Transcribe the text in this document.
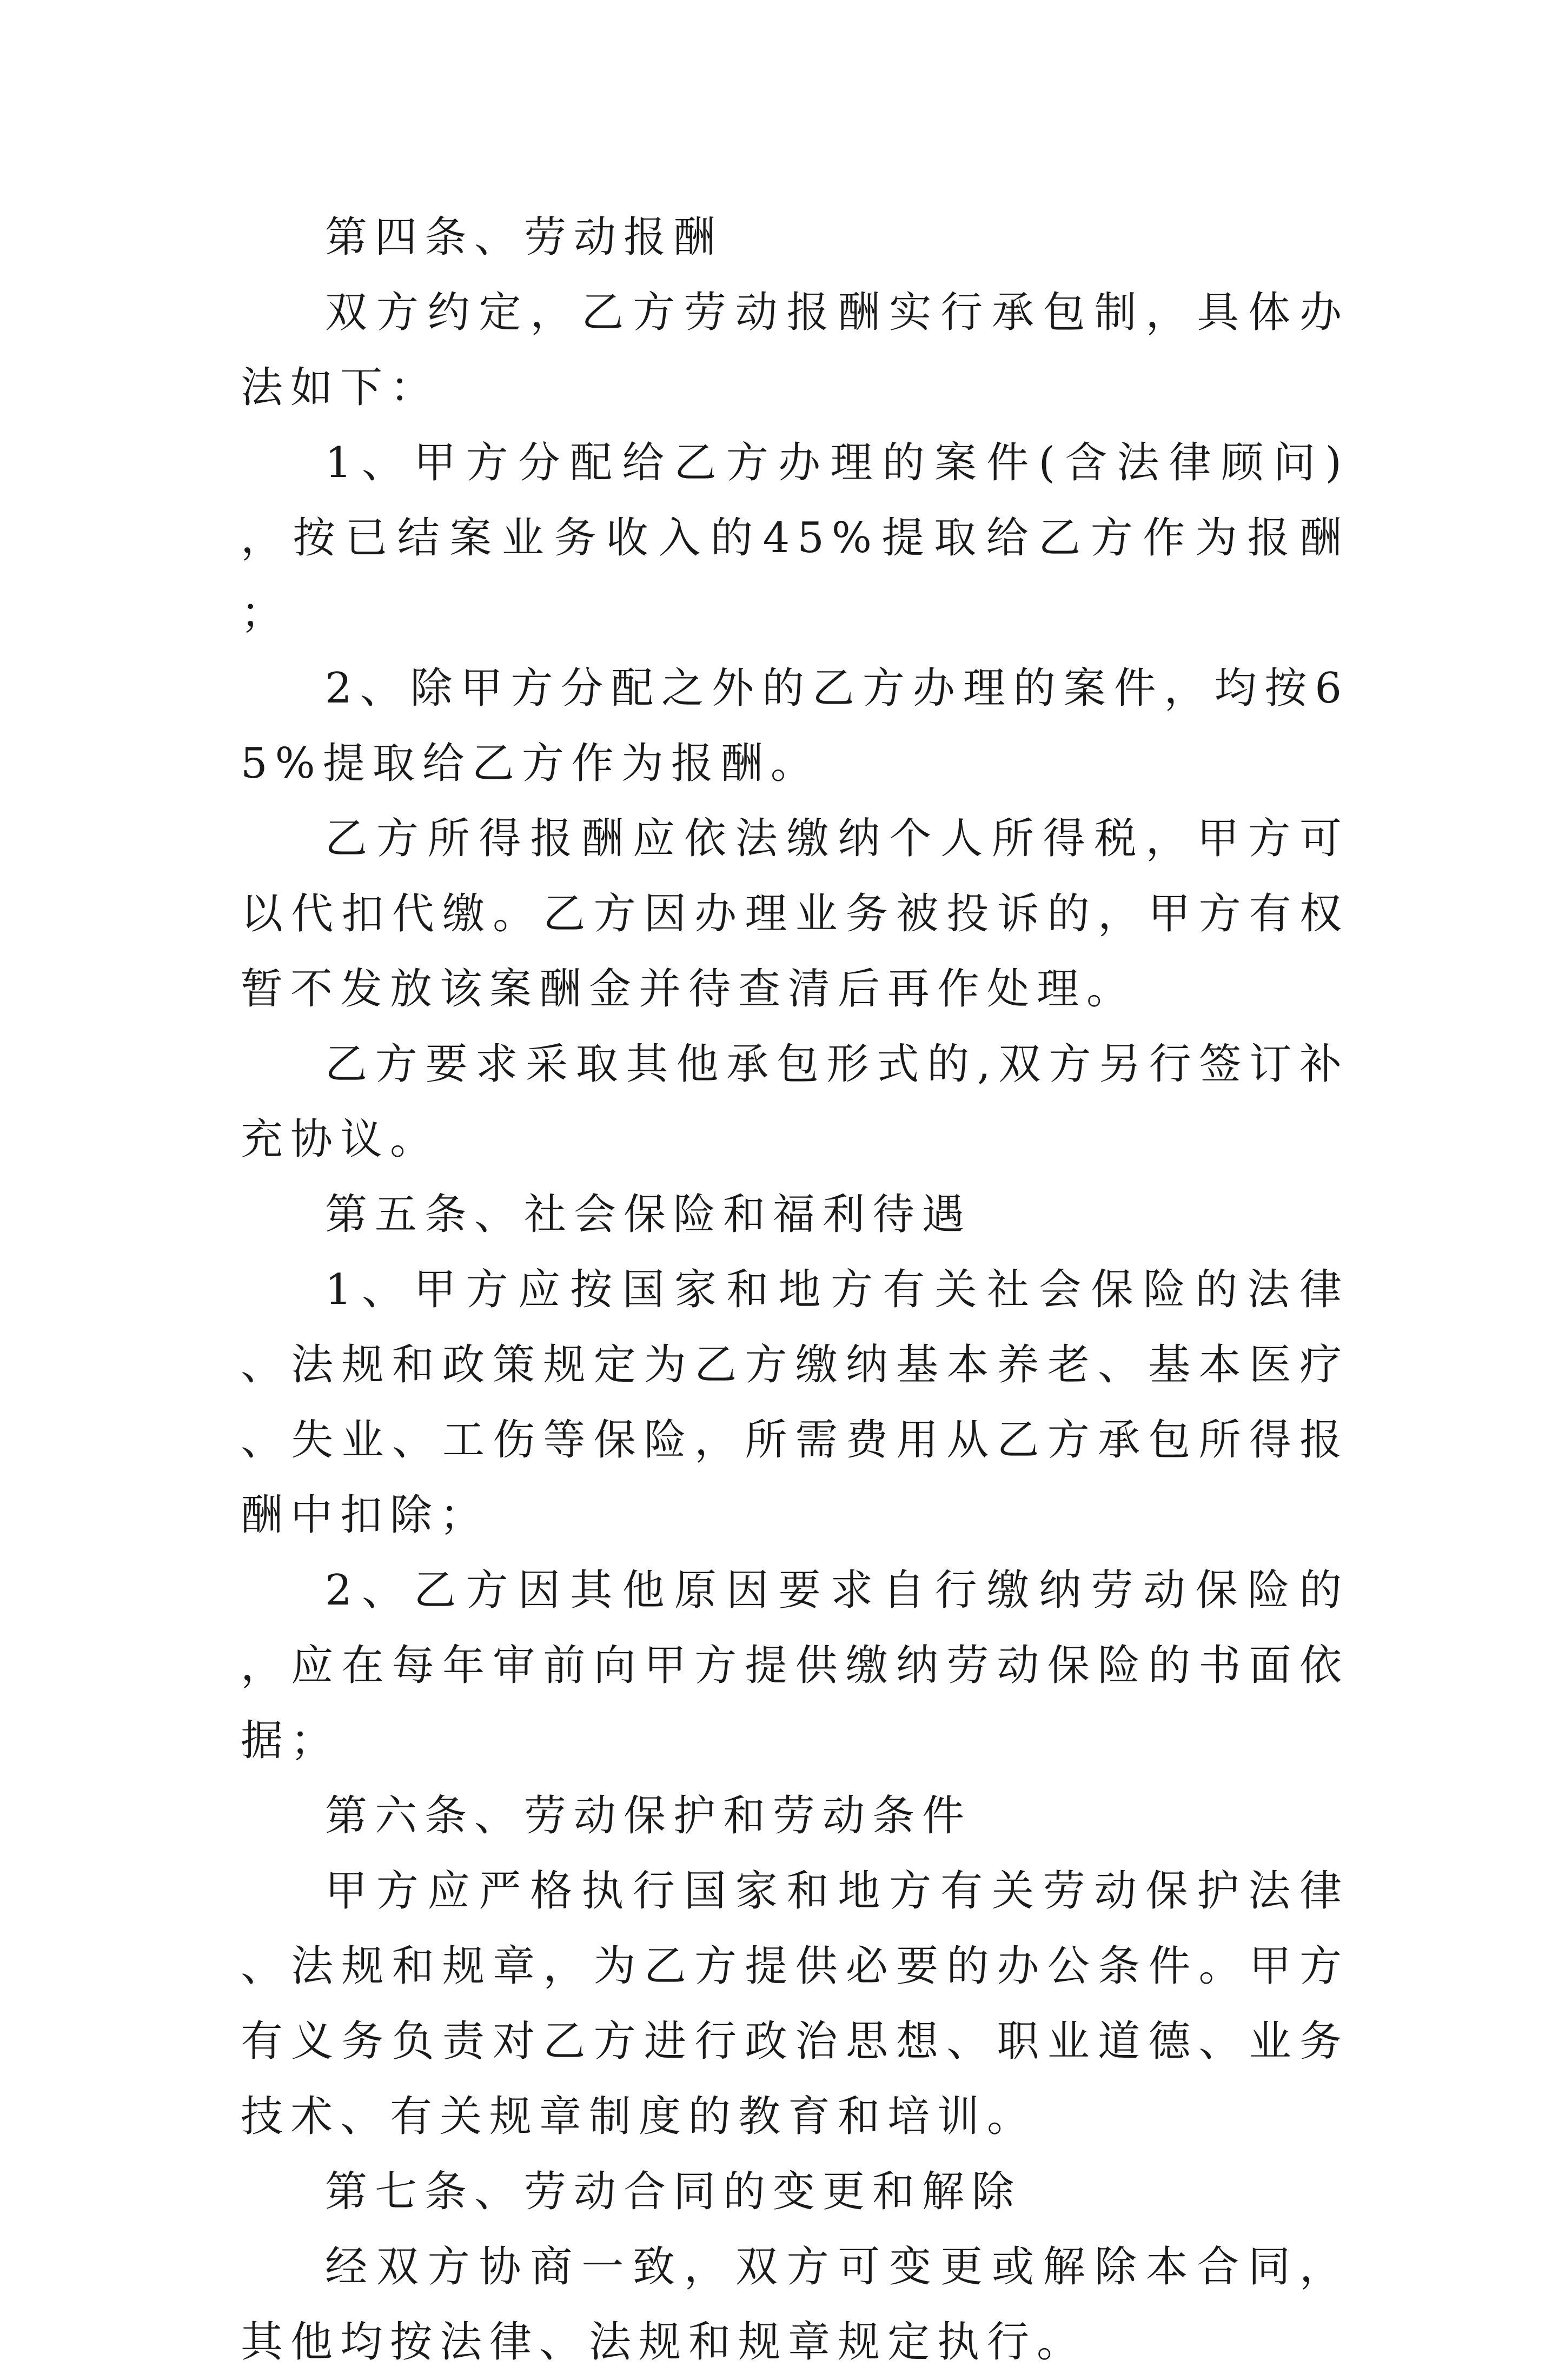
第四条、劳动报酬

双方约定，乙方劳动报酬实行承包制，具体办法如下：

1、甲方分配给乙方办理的案件(含法律顾问)，按已结案业务收入的45%提取给乙方作为报酬；

2、除甲方分配之外的乙方办理的案件，均按65%提取给乙方作为报酬。

乙方所得报酬应依法缴纳个人所得税，甲方可以代扣代缴。乙方因办理业务被投诉的，甲方有权暂不发放该案酬金并待查清后再作处理。

乙方要求采取其他承包形式的,双方另行签订补充协议。

第五条、社会保险和福利待遇

1、甲方应按国家和地方有关社会保险的法律、法规和政策规定为乙方缴纳基本养老、基本医疗、失业、工伤等保险，所需费用从乙方承包所得报酬中扣除；

2、乙方因其他原因要求自行缴纳劳动保险的，应在每年审前向甲方提供缴纳劳动保险的书面依据；

第六条、劳动保护和劳动条件

甲方应严格执行国家和地方有关劳动保护法律、法规和规章，为乙方提供必要的办公条件。甲方有义务负责对乙方进行政治思想、职业道德、业务技术、有关规章制度的教育和培训。

第七条、劳动合同的变更和解除

经双方协商一致，双方可变更或解除本合同，其他均按法律、法规和规章规定执行。
